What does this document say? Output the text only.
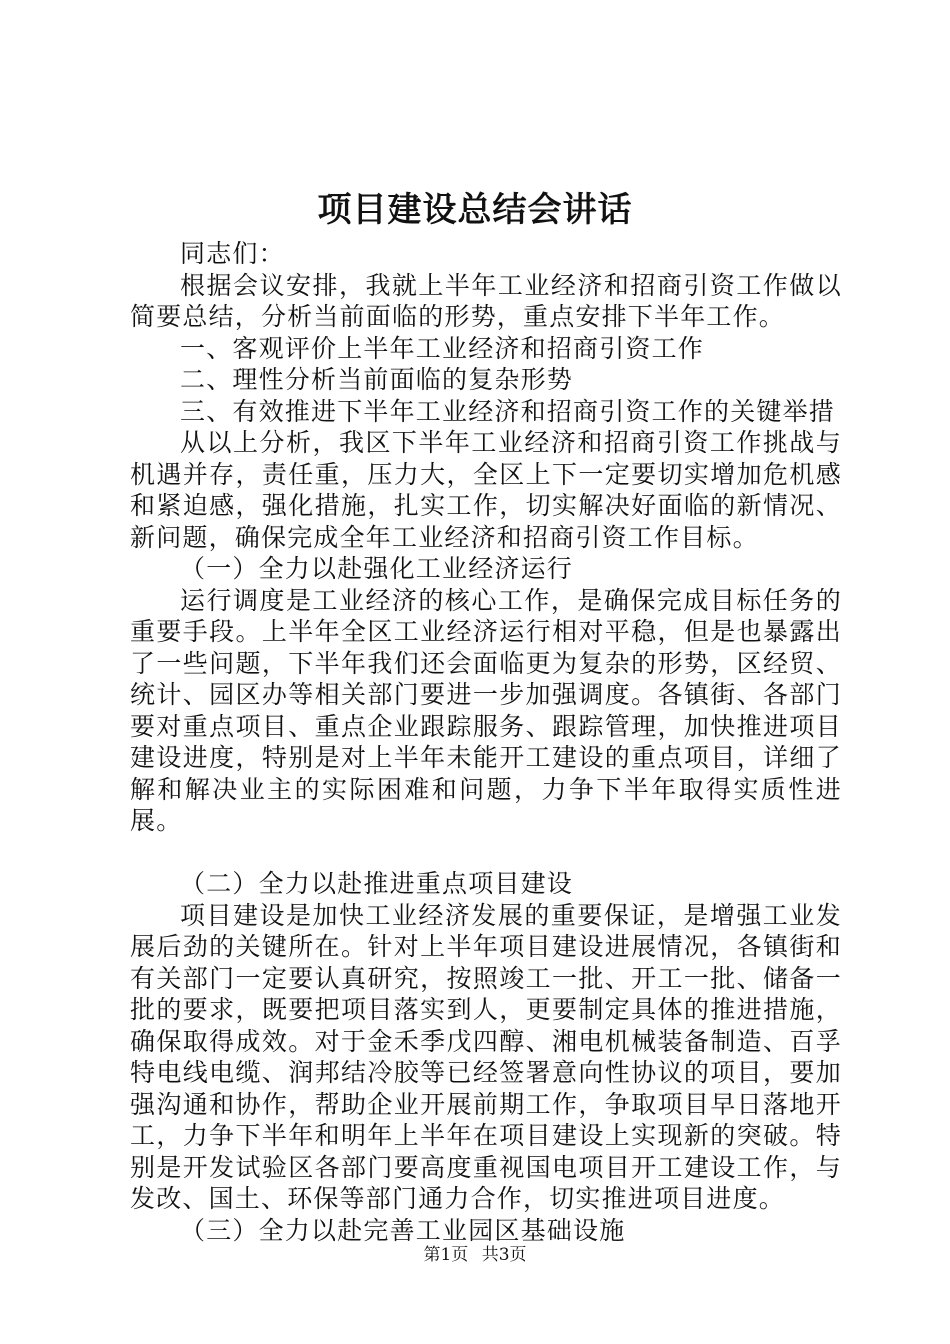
项目建设总结会讲话

同志们：

根据会议安排，我就上半年工业经济和招商引资工作做以简要总结，分析当前面临的形势，重点安排下半年工作。

一、客观评价上半年工业经济和招商引资工作

二、理性分析当前面临的复杂形势

三、有效推进下半年工业经济和招商引资工作的关键举措

从以上分析，我区下半年工业经济和招商引资工作挑战与机遇并存，责任重，压力大，全区上下一定要切实增加危机感和紧迫感，强化措施，扎实工作，切实解决好面临的新情况、新问题，确保完成全年工业经济和招商引资工作目标。

（一）全力以赴强化工业经济运行

运行调度是工业经济的核心工作，是确保完成目标任务的重要手段。上半年全区工业经济运行相对平稳，但是也暴露出了一些问题，下半年我们还会面临更为复杂的形势，区经贸、统计、园区办等相关部门要进一步加强调度。各镇街、各部门要对重点项目、重点企业跟踪服务、跟踪管理，加快推进项目建设进度，特别是对上半年未能开工建设的重点项目，详细了解和解决业主的实际困难和问题，力争下半年取得实质性进展。

（二）全力以赴推进重点项目建设

项目建设是加快工业经济发展的重要保证，是增强工业发展后劲的关键所在。针对上半年项目建设进展情况，各镇街和有关部门一定要认真研究，按照竣工一批、开工一批、储备一批的要求，既要把项目落实到人，更要制定具体的推进措施，确保取得成效。对于金禾季戊四醇、湘电机械装备制造、百孚特电线电缆、润邦结冷胶等已经签署意向性协议的项目，要加强沟通和协作，帮助企业开展前期工作，争取项目早日落地开工，力争下半年和明年上半年在项目建设上实现新的突破。特别是开发试验区各部门要高度重视国电项目开工建设工作，与发改、国土、环保等部门通力合作，切实推进项目进度。

（三）全力以赴完善工业园区基础设施

第1页 共3页
